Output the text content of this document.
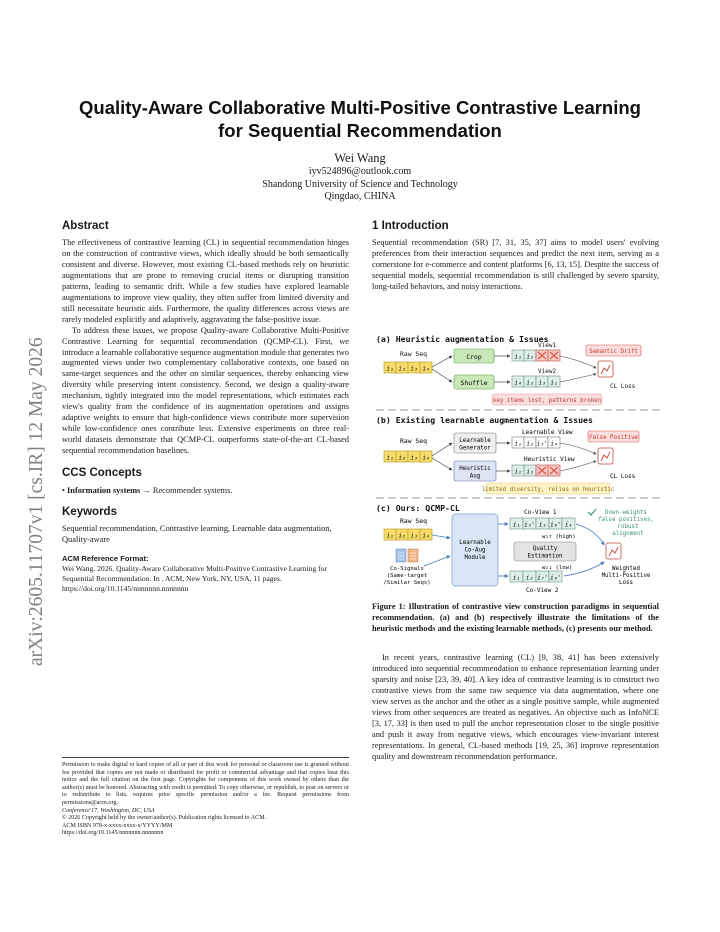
arXiv:2605.11707v1 [cs.IR] 12 May 2026
Quality-Aware Collaborative Multi-Positive Contrastive Learning
for Sequential Recommendation
Wei Wang
iyv524896@outlook.com
Shandong University of Science and Technology
Qingdao, CHINA
Abstract

The effectiveness of contrastive learning (CL) in sequential recommendation hinges on the construction of contrastive views, which ideally should be both semantically consistent and diverse. However, most existing CL-based methods rely on heuristic augmentations that are prone to removing crucial items or disrupting transition patterns, leading to semantic drift. While a few studies have explored learnable augmentations to improve view quality, they often suffer from limited diversity and still necessitate heuristic aids. Furthermore, the quality differences across views are rarely modeled explicitly and adaptively, aggravating the false-positive issue.

To address these issues, we propose Quality-aware Collaborative Multi-Positive Contrastive Learning for sequential recommendation (QCMP-CL). First, we introduce a learnable collaborative sequence augmentation module that generates two augmented views under two complementary collaborative contexts, one based on same-target sequences and the other on similar sequences, thereby enhancing view diversity while preserving intent consistency. Second, we design a quality-aware mechanism, tightly integrated into the model representations, which estimates each view's quality from the confidence of its augmentation operations and assigns adaptive weights to ensure that high-confidence views contribute more supervision while low-confidence ones contribute less. Extensive experiments on three real-world datasets demonstrate that QCMP-CL outperforms state-of-the-art CL-based sequential recommendation baselines.

CCS Concepts
• Information systems → Recommender systems.
Keywords

Sequential recommendation, Contrastive learning, Learnable data augmentation, Quality-aware

ACM Reference Format:
Wei Wang. 2026. Quality-Aware Collaborative Multi-Positive Contrastive Learning for Sequential Recommendation. In . ACM, New York, NY, USA, 11 pages. https://doi.org/10.1145/nnnnnnn.nnnnnnn
Permission to make digital or hard copies of all or part of this work for personal or classroom use is granted without fee provided that copies are not made or distributed for profit or commercial advantage and that copies bear this notice and the full citation on the first page. Copyrights for components of this work owned by others than the author(s) must be honored. Abstracting with credit is permitted. To copy otherwise, or republish, to post on servers or to redistribute to lists, requires prior specific permission and/or a fee. Request permissions from permissions@acm.org.
Conference'17, Washington, DC, USA
© 2026 Copyright held by the owner/author(s). Publication rights licensed to ACM.
ACM ISBN 978-x-xxxx-xxxx-x/YYYY/MM
https://doi.org/10.1145/nnnnnnn.nnnnnnn
1 Introduction

Sequential recommendation (SR) [7, 31, 35, 37] aims to model users' evolving preferences from their interaction sequences and predict the next item, serving as a cornerstone for e-commerce and content platforms [6, 13, 15]. Despite the success of sequential models, sequential recommendation is still challenged by severe sparsity, long-tailed behaviors, and noisy interactions.

(a) Heuristic augmentation & Issues
Raw Seq
i₁ i₂ i₃ i₄
Crop
Shuffle
View1
i₁ i₂
View2
i₄ i₂ i₃ i₁
Semantic Drift
CL Loss
key items lost, patterns broken
(b) Existing learnable augmentation & Issues
Raw Seq
i₁ i₂ i₃ i₄
Learnable
Generator
Heuristic
Aug
Learnable View
i₁ i₂ i₅' i₄
Heuristic View
i₁ i₂
False Positive
CL Loss
limited diversity, relies on heuristic
(c) Ours: QCMP-CL
Raw Seq
i₁ i₂ i₃ i₄
Co-Signals
(Same-target
/Similar Seqs)
Learnable
Co-Aug
Module
Co-View 1
i₁ i₅' i₃ i₆' i₄
w₁↑ (high)
Quality
Estimation
w₂↓ (low)
i₁ i₂ i₇' i₈'
Co-View 2
Down-weights
false positives,
robust
alignment
Weighted
Multi-Positive
Loss
Figure 1: Illustration of contrastive view construction paradigms in sequential recommendation. (a) and (b) respectively illustrate the limitations of the heuristic methods and the existing learnable methods, (c) presents our method.

In recent years, contrastive learning (CL) [9, 38, 41] has been extensively introduced into sequential recommendation to enhance representation learning under sparsity and noise [23, 39, 40]. A key idea of contrastive learning is to construct two contrastive views from the same raw sequence via data augmentation, where one view serves as the anchor and the other as a single positive sample, while augmented views from other sequences are treated as negatives. An objective such as InfoNCE [3, 17, 33] is then used to pull the anchor representation closer to the single positive and push it away from negative views, which encourages view-invariant interest representations. In general, CL-based methods [19, 25, 36] improve representation quality and downstream recommendation performance.
